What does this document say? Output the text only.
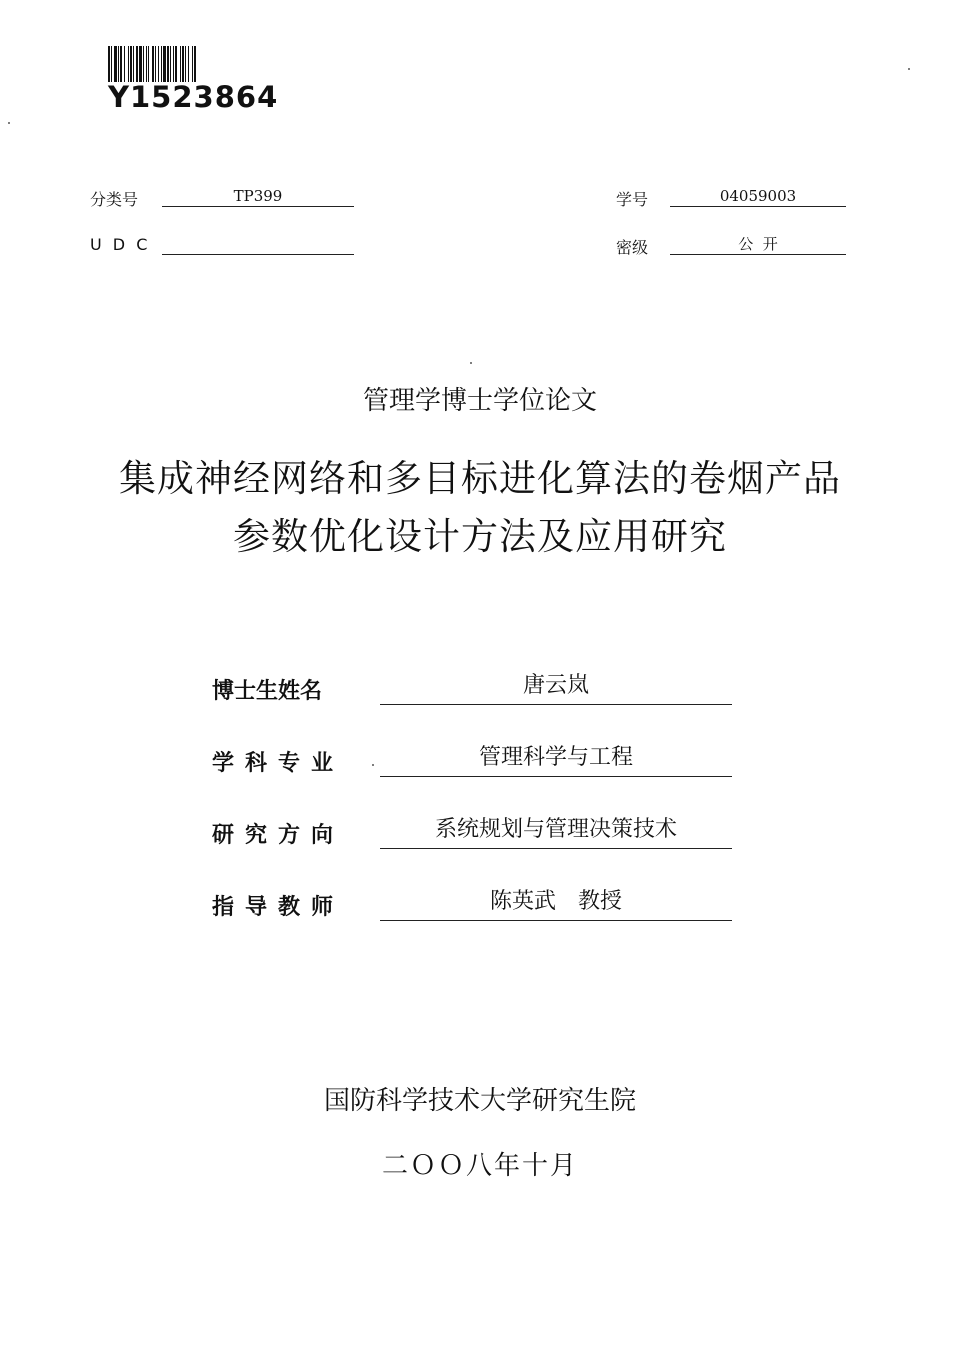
Y1523864
分类号	TP399
U D C
学号	04059003
密级	公  开
管理学博士学位论文
集成神经网络和多目标进化算法的卷烟产品
参数优化设计方法及应用研究
博士生姓名	唐云岚
学科专业	管理科学与工程
研究方向	系统规划与管理决策技术
指导教师	陈英武　教授
国防科学技术大学研究生院
二ＯＯ八年十月
